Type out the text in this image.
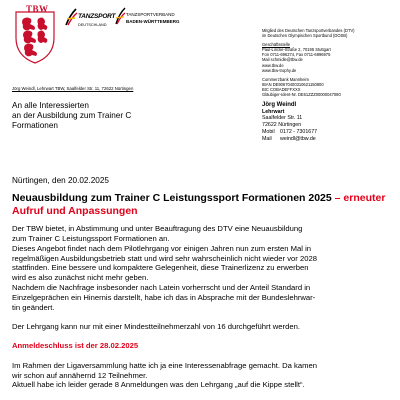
TBW
TANZSPORT
DEUTSCHLAND
TANZSPORTVERBAND
BADEN-WÜRTTEMBERG

Mitglied des Deutschen Tanzsportverbandes (DTV)

im Deutschen Olympischen Sportbund (DOSB)

Geschäftsstelle

Paul-Lincke-Straße 2, 70195 Stuttgart

Fon 0711-696274, Fax 0711-6996975

Mail schmidle@tbw.de

www.tbw.de

www.tbw-trophy.de

Commerzbank Mannheim

IBAN DE90670400310621150800

BIC COBADEFFXXX

Gläubiger-Ident-Nr. DE61ZZZ00000047080

Jörg Weindl
Lehrwart
Saalfelder Str. 11
72622 Nürtingen
Mobil	0172 - 7301677
Mail	weindl@tbw.de
Jörg Weindl, Lehrwart TBW, Saalfelder Str. 11, 72622 Nürtingen

An alle Interessierten

an der Ausbildung zum Trainer C

Formationen

Nürtingen, den 20.02.2025
Neuausbildung zum Trainer C Leistungssport Formationen 2025 – erneuter Aufruf und Anpassungen

Der TBW bietet, in Abstimmung und unter Beauftragung des DTV eine Neuausbildung

zum Trainer C Leistungssport Formationen an.

Dieses Angebot findet nach dem Pilotlehrgang vor einigen Jahren nun zum ersten Mal in

regelmäßigen Ausbildungsbetrieb statt und wird sehr wahrscheinlich nicht wieder vor 2028

stattfinden. Eine bessere und kompaktere Gelegenheit, diese Trainerlizenz zu erwerben

wird es also zunächst nicht mehr geben.

Nachdem die Nachfrage insbesonder nach Latein vorherrscht und der Anteil Standard in

Einzelgeprächen ein Hinernis darstellt, habe ich das in Absprache mit der Bundeslehrwar-

tin geändert.

Der Lehrgang kann nur mit einer Mindestteilnehmerzahl von 16 durchgeführt werden.

Anmeldeschluss ist der 28.02.2025

Im Rahmen der Ligaversammlung hatte ich ja eine Interessenabfrage gemacht. Da kamen

wir schon auf annähernd 12 Teilnehmer.

Aktuell habe ich leider gerade 8 Anmeldungen was den Lehrgang „auf die Kippe stellt“.
